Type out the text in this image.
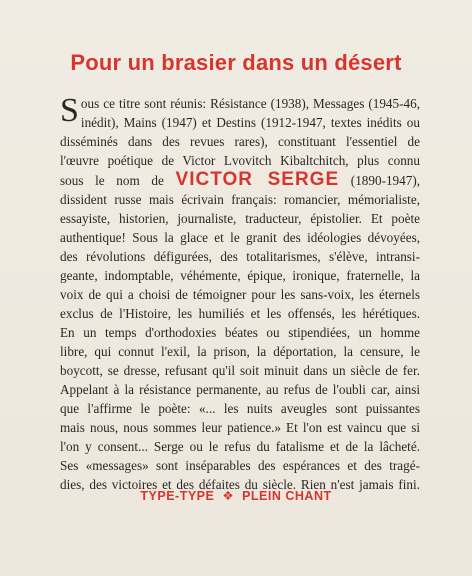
Pour un brasier dans un désert
S ous ce titre sont réunis: Résistance (1938), Messages (1945-46,
inédit), Mains (1947) et Destins (1912-1947, textes inédits ou
disséminés dans des revues rares), constituant l'essentiel de
l'œuvre poétique de Victor Lvovitch Kibaltchitch, plus connu
sous le nom de VICTOR SERGE (1890-1947),
dissident russe mais écrivain français: romancier, mémorialiste,
essayiste, historien, journaliste, traducteur, épistolier. Et poète
authentique! Sous la glace et le granit des idéologies dévoyées,
des révolutions défigurées, des totalitarismes, s'élève, intransi-
geante, indomptable, véhémente, épique, ironique, fraternelle, la
voix de qui a choisi de témoigner pour les sans-voix, les éternels
exclus de l'Histoire, les humiliés et les offensés, les hérétiques.
En un temps d'orthodoxies béates ou stipendiées, un homme
libre, qui connut l'exil, la prison, la déportation, la censure, le
boycott, se dresse, refusant qu'il soit minuit dans un siècle de fer.
Appelant à la résistance permanente, au refus de l'oubli car, ainsi
que l'affirme le poète: «... les nuits aveugles sont puissantes
mais nous, nous sommes leur patience.» Et l'on est vaincu que si
l'on y consent... Serge ou le refus du fatalisme et de la lâcheté.
Ses «messages» sont inséparables des espérances et des tragé-
dies, des victoires et des défaites du siècle. Rien n'est jamais fini.
TYPE-TYPE ❖ PLEIN CHANT
